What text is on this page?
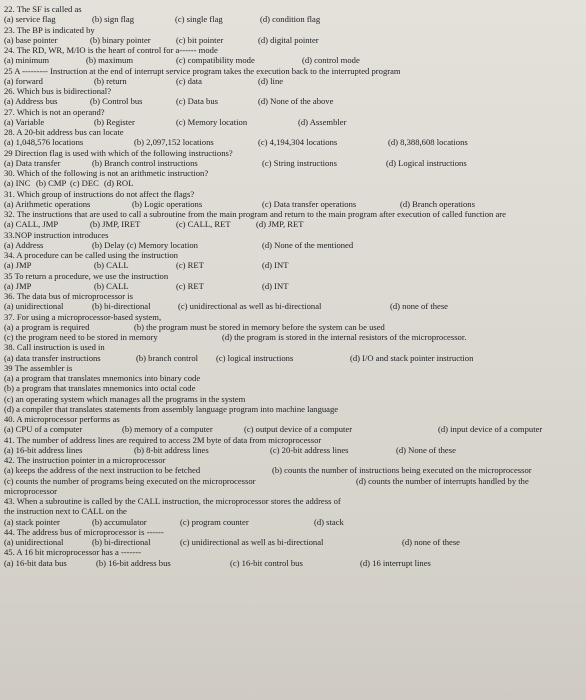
22. The SF is called as
(a) service flag	(b) sign flag	(c) single flag	(d) condition flag
23. The BP is indicated by
(a) base pointer	(b) binary pointer	(c) bit pointer	(d) digital pointer
24. The RD, WR, M/IO is the heart of control for a------ mode
(a) minimum	(b) maximum	(c) compatibility mode	(d) control mode
25 A --------- Instruction at the end of interrupt service program takes the execution back to the interrupted program
(a) forward	(b) return	(c) data	(d) line
26. Which bus is bidirectional?
(a) Address bus	(b) Control bus	(c) Data bus	(d) None of the above
27. Which is not an operand?
(a) Variable	(b) Register	(c) Memory location	(d) Assembler
28. A 20-bit address bus can locate
(a) 1,048,576 locations	(b) 2,097,152 locations	(c) 4,194,304 locations	(d) 8,388,608 locations
29 Direction flag is used with which of the following instructions?
(a) Data transfer	(b) Branch control instructions	(c) String instructions	(d) Logical instructions
30. Which of the following is not an arithmetic instruction?
(a) INC (b) CMP (c) DEC (d) ROL
31. Which group of instructions do not affect the flags?
(a) Arithmetic operations	(b) Logic operations	(c) Data transfer operations	(d) Branch operations
32. The instructions that are used to call a subroutine from the main program and return to the main program after execution of called function are
(a) CALL, JMP	(b) JMP, IRET	(c) CALL, RET	(d) JMP, RET
33.NOP instruction introduces
(a) Address	(b) Delay (c) Memory location	(d) None of the mentioned
34. A procedure can be called using the instruction
(a) JMP	(b) CALL	(c) RET	(d) INT
35 To return a procedure, we use the instruction
(a) JMP	(b) CALL	(c) RET	(d) INT
36. The data bus of microprocessor is
(a) unidirectional	(b) bi-directional	(c) unidirectional as well as bi-directional	(d) none of these
37. For using a microprocessor-based system,
(a) a program is required	(b) the program must be stored in memory before the system can be used
(c) the program need to be stored in memory	(d) the program is stored in the internal resistors of the microprocessor.
38. Call instruction is used in
(a) data transfer instructions	(b) branch control (c) logical instructions	(d) I/O and stack pointer instruction
39 The assembler is
(a) a program that translates mnemonics into binary code
(b) a program that translates mnemonics into octal code
(c) an operating system which manages all the programs in the system
(d) a compiler that translates statements from assembly language program into machine language
40. A microprocessor performs as
(a) CPU of a computer	(b) memory of a computer	(c) output device of a computer	(d) input device of a computer
41. The number of address lines are required to access 2M byte of data from microprocessor
(a) 16-bit address lines	(b) 8-bit address lines	(c) 20-bit address lines	(d) None of these
42. The instruction pointer in a microprocessor
(a) keeps the address of the next instruction to be fetched	(b) counts the number of instructions being executed on the microprocessor
(c) counts the number of programs being executed on the microprocessor	(d) counts the number of interrupts handled by the
microprocessor
43. When a subroutine is called by the CALL instruction, the microprocessor stores the address of
the instruction next to CALL on the
(a) stack pointer	(b) accumulator	(c) program counter	(d) stack
44. The address bus of microprocessor is ------
(a) unidirectional	(b) bi-directional	(c) unidirectional as well as bi-directional	(d) none of these
45. A 16 bit microprocessor has a -------
(a) 16-bit data bus	(b) 16-bit address bus	(c) 16-bit control bus	(d) 16 interrupt lines
